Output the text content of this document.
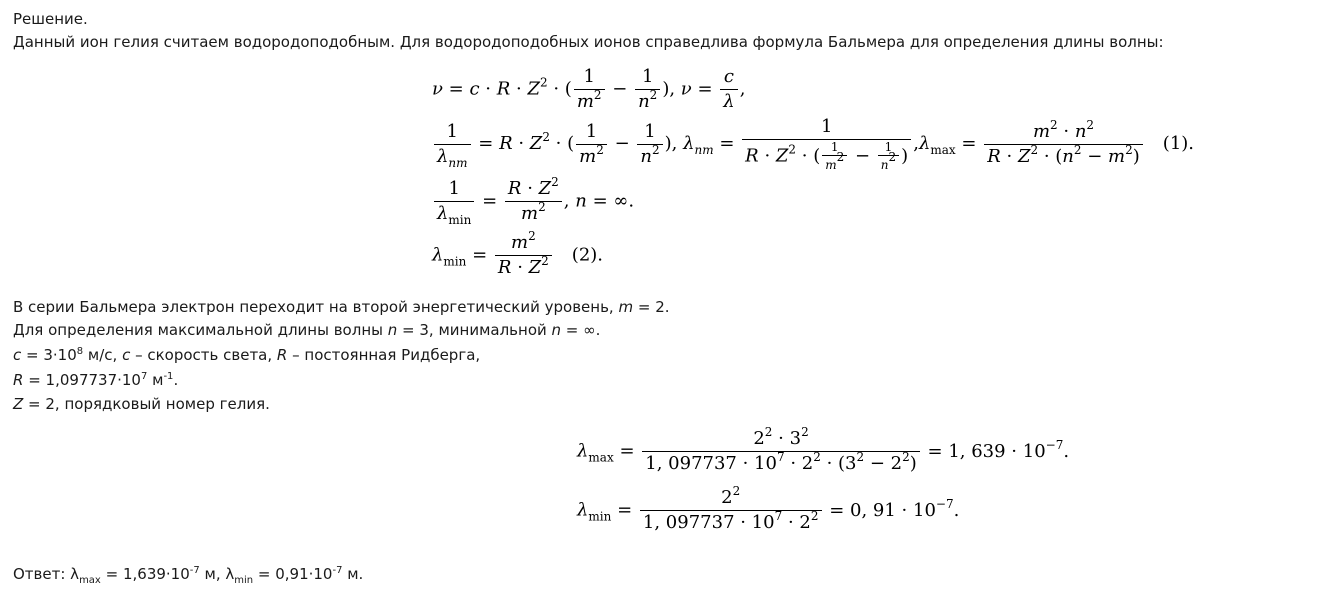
Решение.
Данный ион гелия считаем водородоподобным. Для водородоподобных ионов справедлива формула Бальмера для определения длины волны:
$\nu = c \cdot R \cdot Z^2$ · ( $\frac{1}{m^2} - \frac{1}{n^2}$ ), $\nu = \frac{c}{\lambda}$ ,
$\frac{1}{\lambda_{nm}} = R \cdot Z^2$ · ( $\frac{1}{m^2} - \frac{1}{n^2}$ ), $\lambda_{nm} = \frac{1}{R \cdot Z^2 \cdot ( \frac{1}{m^2} - \frac{1}{n^2} )} ,\lambda_{max} = \frac{m^2 \cdot n^2}{R \cdot Z^2 \cdot (n^2 - m^2)} (1)$.
$\frac{1}{\lambda_{min}} = \frac{R \cdot Z^2}{m^2}$ , n = ∞.
$\lambda_{min} = \frac{m^2}{R \cdot Z^2} (2)$.
В серии Бальмера электрон переходит на второй энергетический уровень, m = 2.
Для определения максимальной длины волны n = 3, минимальной n = ∞.
$c = 3\cdot 10^8$ м/с, c – скорость света, R – постоянная Ридберга,
$R = 1,097737\cdot 10^7$ $м^{-1}$.
Z = 2, порядковый номер гелия.
$\lambda_{max} = \frac{2^2 \cdot 3^2}{1, 097737 \cdot 10^7 \cdot 2^2 \cdot (3^2 - 2^2)} = 1$, $639 \cdot 10^{-7}$.
$\lambda_{min} = \frac{2^2}{1, 097737 \cdot 10^7 \cdot 2^2} = 0$, $91 \cdot 10^{-7}$.
Ответ: $\lambda_{max} = 1,639\cdot 10^{-7}$ м, $\lambda_{min} = 0,91\cdot 10^{-7}$ м.
